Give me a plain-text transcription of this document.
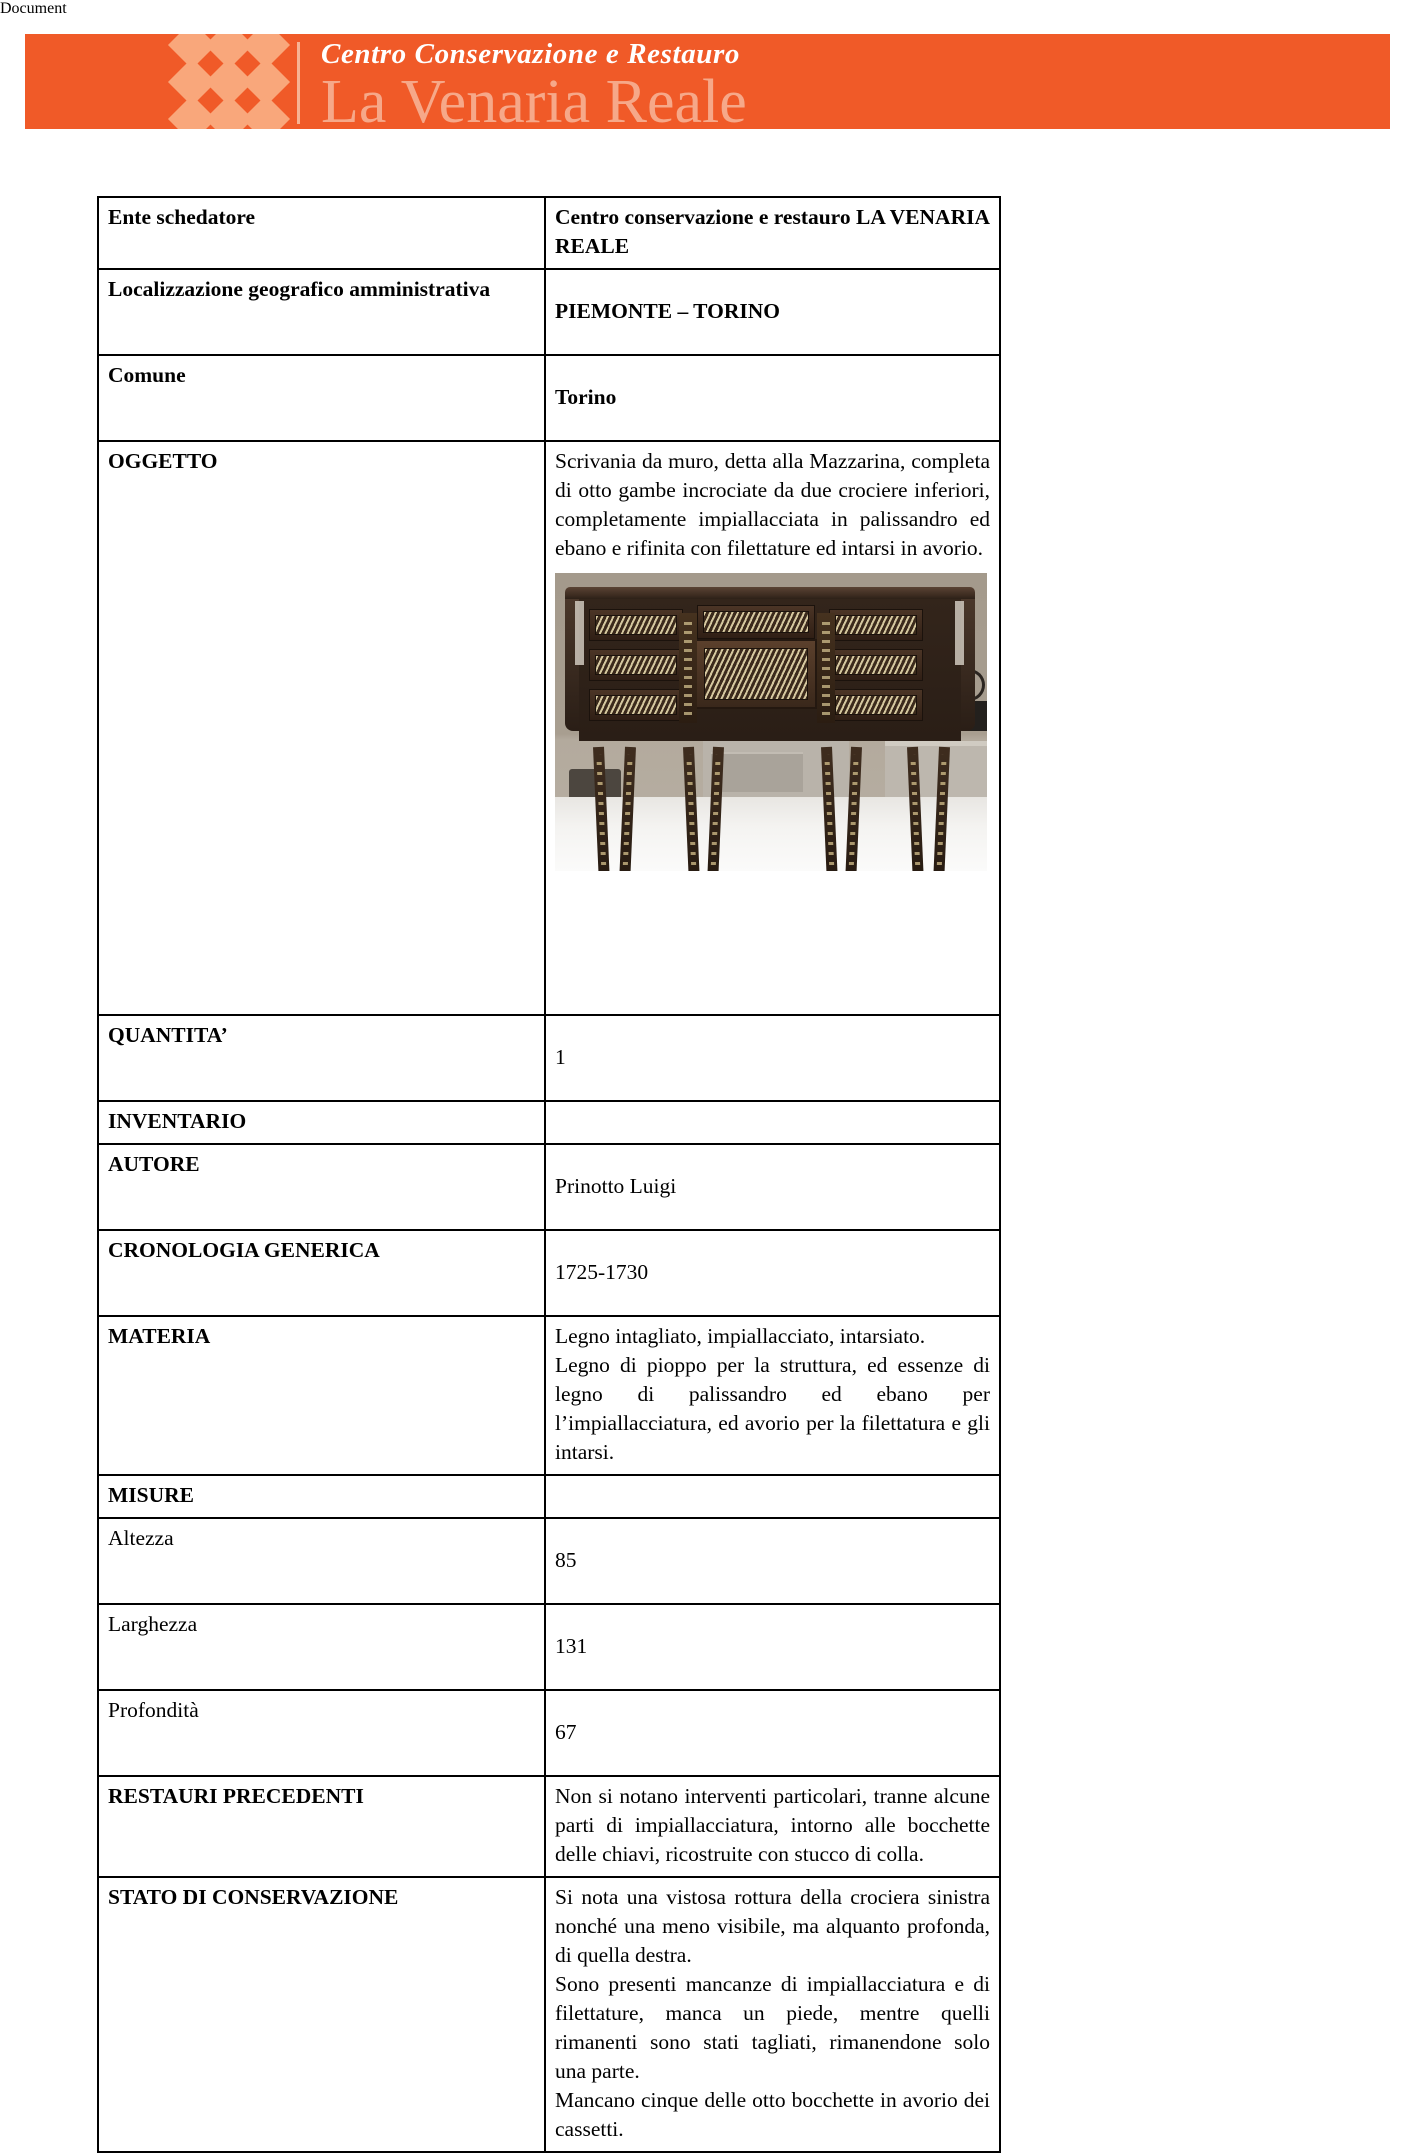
Centro Conservazione e Restauro
La Venaria Reale
Ente schedatore	Centro conservazione e restauro LA VENARIA REALE

Localizzazione geografico amministrativa	PIEMONTE – TORINO

Comune	Torino

OGGETTO	Scrivania da muro, detta alla Mazzarina, completa di otto gambe incrociate da due crociere inferiori, completamente impiallacciata in palissandro ed ebano e rifinita con filettature ed intarsi in avorio.

QUANTITA’	1

INVENTARIO	

AUTORE	Prinotto Luigi

CRONOLOGIA GENERICA	1725-1730

MATERIA	Legno intagliato, impiallacciato, intarsiato.

Legno di pioppo per la struttura, ed essenze di legno di palissandro ed ebano per l’impiallacciatura, ed avorio per la filettatura e gli intarsi.

MISURE	

Altezza	85

Larghezza	131

Profondità	67

RESTAURI PRECEDENTI	Non si notano interventi particolari, tranne alcune parti di impiallacciatura, intorno alle bocchette delle chiavi, ricostruite con stucco di colla.

STATO DI CONSERVAZIONE	Si nota una vistosa rottura della crociera sinistra nonché una meno visibile, ma alquanto profonda, di quella destra.

Sono presenti mancanze di impiallacciatura e di filettature, manca un piede, mentre quelli rimanenti sono stati tagliati, rimanendone solo una parte.

Mancano cinque delle otto bocchette in avorio dei cassetti.

Document
